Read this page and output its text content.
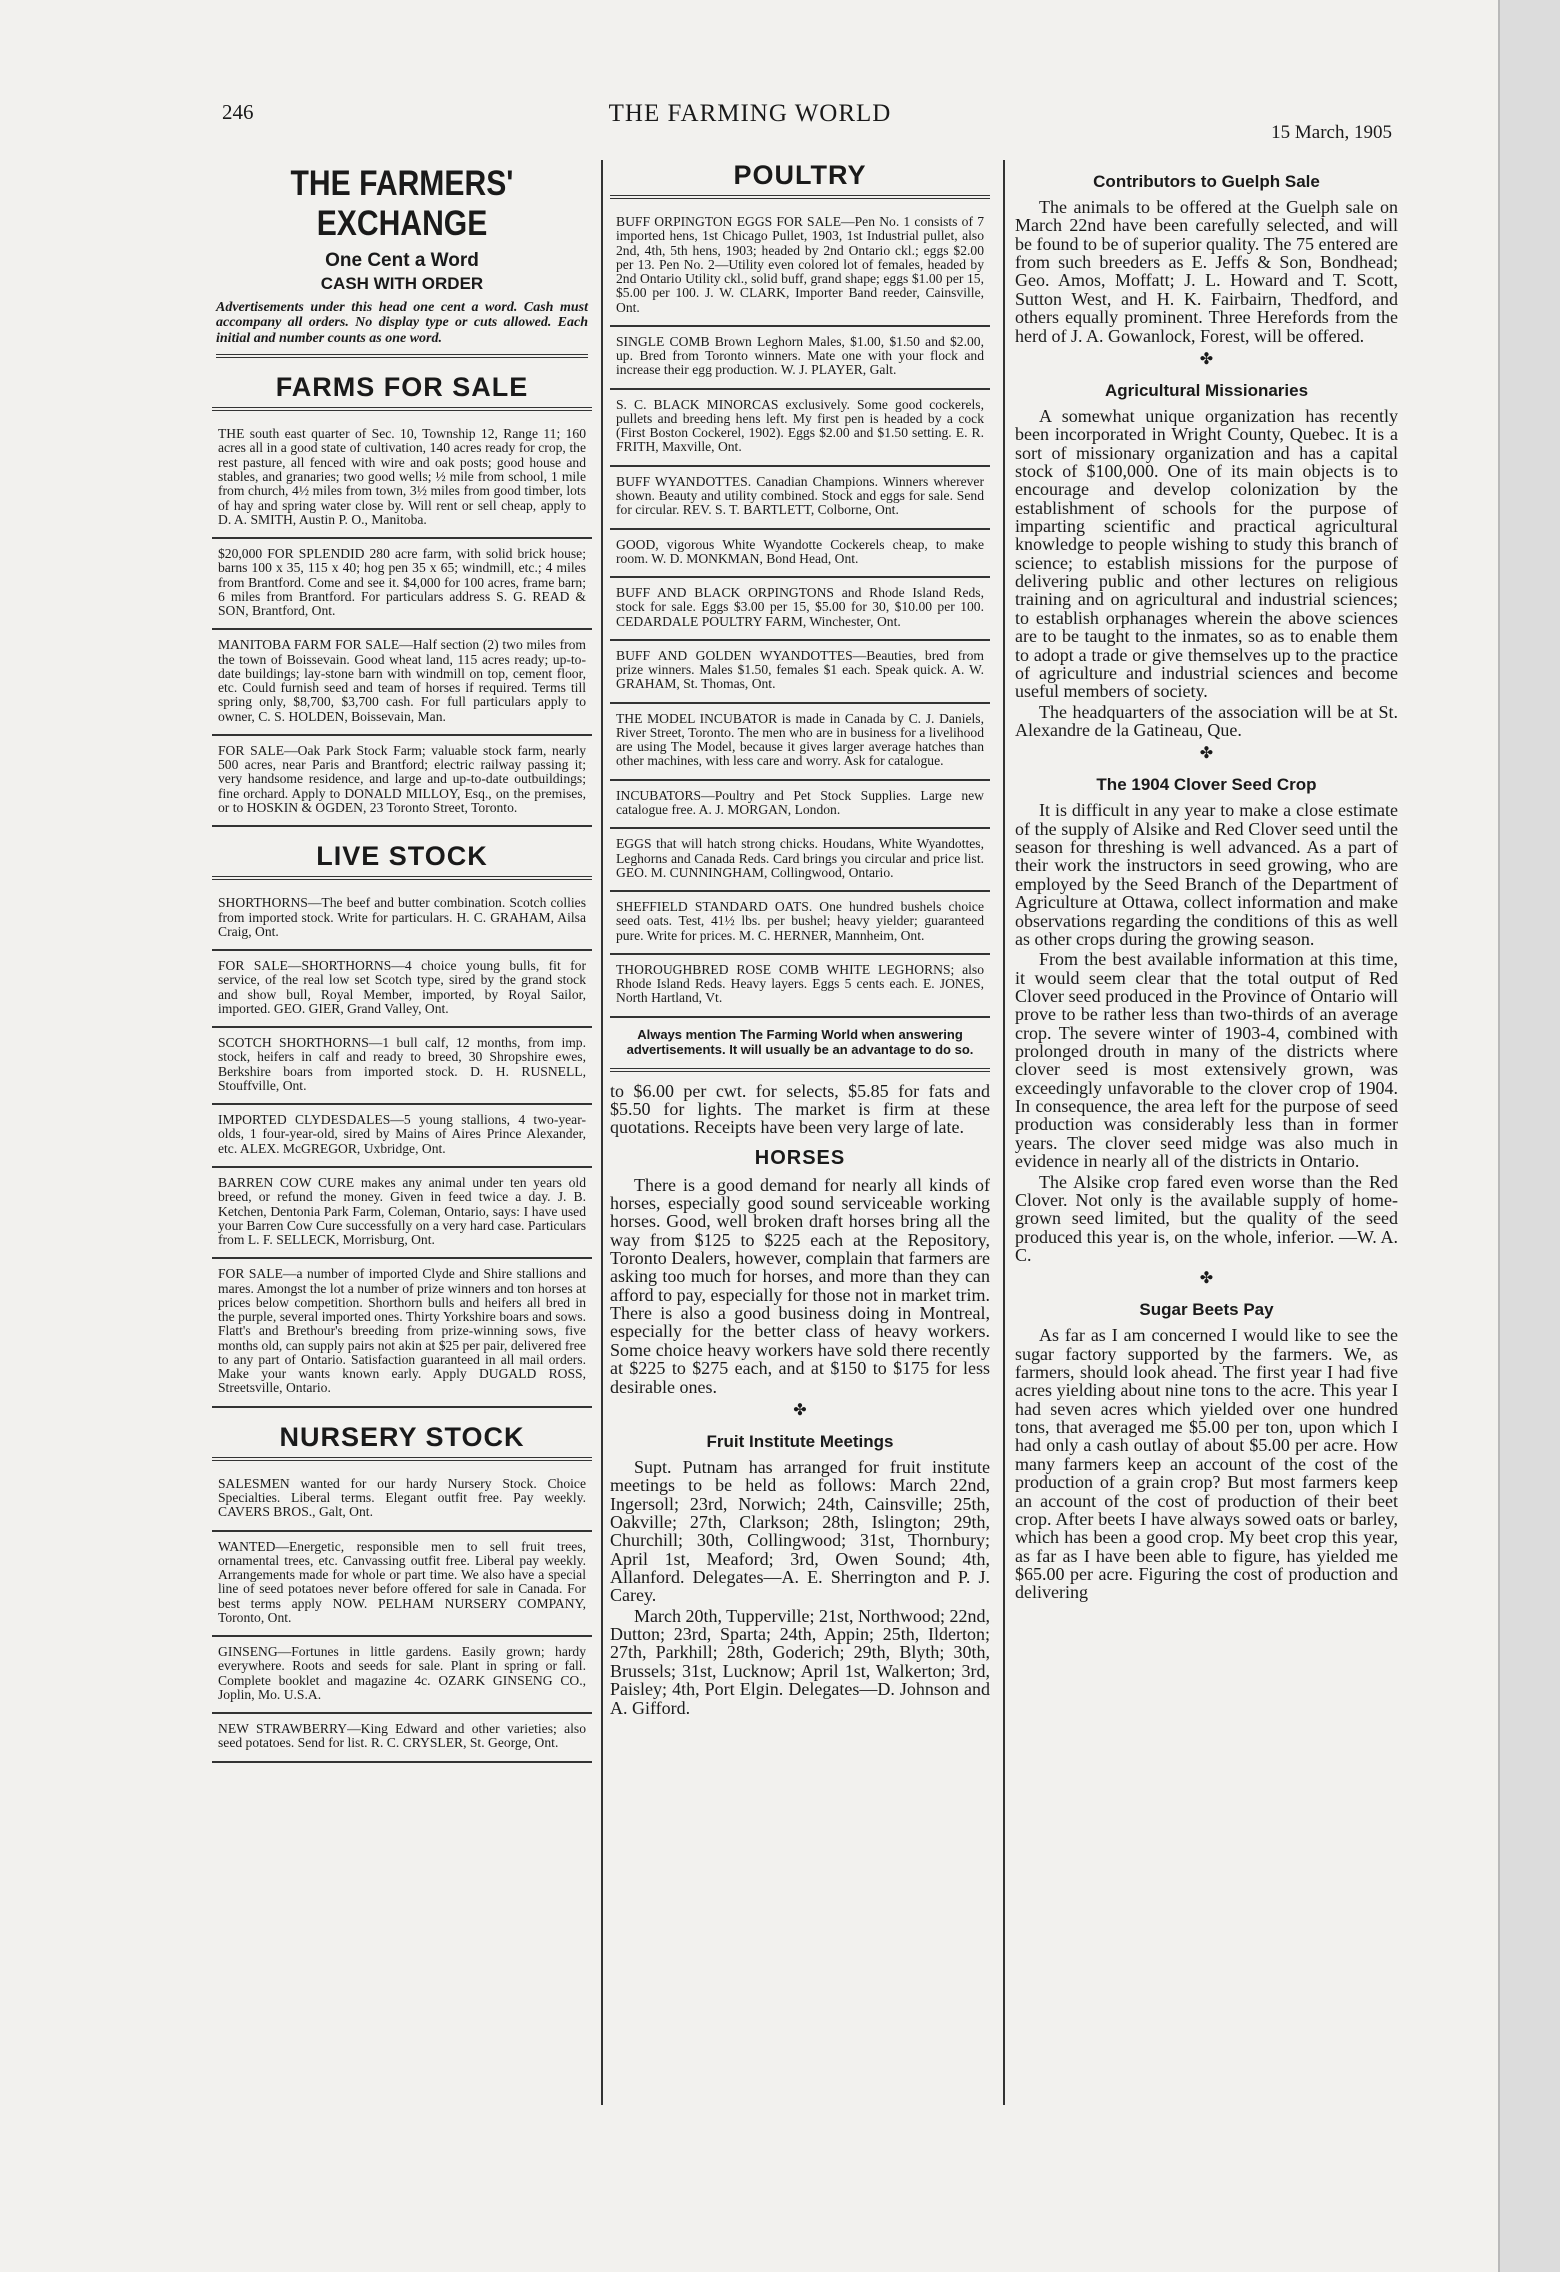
246	THE FARMING WORLD
15 March, 1905
THE FARMERS' EXCHANGE
One Cent a Word
CASH WITH ORDER

Advertisements under this head one cent a word. Cash must accompany all orders. No display type or cuts allowed. Each initial and number counts as one word.

FARMS FOR SALE

THE south east quarter of Sec. 10, Township 12, Range 11; 160 acres all in a good state of cultivation, 140 acres ready for crop, the rest pasture, all fenced with wire and oak posts; good house and stables, and granaries; two good wells; ½ mile from school, 1 mile from church, 4½ miles from town, 3½ miles from good timber, lots of hay and spring water close by. Will rent or sell cheap, apply to D. A. SMITH, Austin P. O., Manitoba.

$20,000 FOR SPLENDID 280 acre farm, with solid brick house; barns 100 x 35, 115 x 40; hog pen 35 x 65; windmill, etc.; 4 miles from Brantford. Come and see it. $4,000 for 100 acres, frame barn; 6 miles from Brantford. For particulars address S. G. READ & SON, Brantford, Ont.

MANITOBA FARM FOR SALE—Half section (2) two miles from the town of Boissevain. Good wheat land, 115 acres ready; up-to-date buildings; lay-stone barn with windmill on top, cement floor, etc. Could furnish seed and team of horses if required. Terms till spring only, $8,700, $3,700 cash. For full particulars apply to owner, C. S. HOLDEN, Boissevain, Man.

FOR SALE—Oak Park Stock Farm; valuable stock farm, nearly 500 acres, near Paris and Brantford; electric railway passing it; very handsome residence, and large and up-to-date outbuildings; fine orchard. Apply to DONALD MILLOY, Esq., on the premises, or to HOSKIN & OGDEN, 23 Toronto Street, Toronto.

LIVE STOCK

SHORTHORNS—The beef and butter combination. Scotch collies from imported stock. Write for particulars. H. C. GRAHAM, Ailsa Craig, Ont.

FOR SALE—SHORTHORNS—4 choice young bulls, fit for service, of the real low set Scotch type, sired by the grand stock and show bull, Royal Member, imported, by Royal Sailor, imported. GEO. GIER, Grand Valley, Ont.

SCOTCH SHORTHORNS—1 bull calf, 12 months, from imp. stock, heifers in calf and ready to breed, 30 Shropshire ewes, Berkshire boars from imported stock. D. H. RUSNELL, Stouffville, Ont.

IMPORTED CLYDESDALES—5 young stallions, 4 two-year-olds, 1 four-year-old, sired by Mains of Aires Prince Alexander, etc. ALEX. McGREGOR, Uxbridge, Ont.

BARREN COW CURE makes any animal under ten years old breed, or refund the money. Given in feed twice a day. J. B. Ketchen, Dentonia Park Farm, Coleman, Ontario, says: I have used your Barren Cow Cure successfully on a very hard case. Particulars from L. F. SELLECK, Morrisburg, Ont.

FOR SALE—a number of imported Clyde and Shire stallions and mares. Amongst the lot a number of prize winners and ton horses at prices below competition. Shorthorn bulls and heifers all bred in the purple, several imported ones. Thirty Yorkshire boars and sows. Flatt's and Brethour's breeding from prize-winning sows, five months old, can supply pairs not akin at $25 per pair, delivered free to any part of Ontario. Satisfaction guaranteed in all mail orders. Make your wants known early. Apply DUGALD ROSS, Streetsville, Ontario.

NURSERY STOCK

SALESMEN wanted for our hardy Nursery Stock. Choice Specialties. Liberal terms. Elegant outfit free. Pay weekly. CAVERS BROS., Galt, Ont.

WANTED—Energetic, responsible men to sell fruit trees, ornamental trees, etc. Canvassing outfit free. Liberal pay weekly. Arrangements made for whole or part time. We also have a special line of seed potatoes never before offered for sale in Canada. For best terms apply NOW. PELHAM NURSERY COMPANY, Toronto, Ont.

GINSENG—Fortunes in little gardens. Easily grown; hardy everywhere. Roots and seeds for sale. Plant in spring or fall. Complete booklet and magazine 4c. OZARK GINSENG CO., Joplin, Mo. U.S.A.

NEW STRAWBERRY—King Edward and other varieties; also seed potatoes. Send for list. R. C. CRYSLER, St. George, Ont.

POULTRY

BUFF ORPINGTON EGGS FOR SALE—Pen No. 1 consists of 7 imported hens, 1st Chicago Pullet, 1903, 1st Industrial pullet, also 2nd, 4th, 5th hens, 1903; headed by 2nd Ontario ckl.; eggs $2.00 per 13. Pen No. 2—Utility even colored lot of females, headed by 2nd Ontario Utility ckl., solid buff, grand shape; eggs $1.00 per 15, $5.00 per 100. J. W. CLARK, Importer Band reeder, Cainsville, Ont.

SINGLE COMB Brown Leghorn Males, $1.00, $1.50 and $2.00, up. Bred from Toronto winners. Mate one with your flock and increase their egg production. W. J. PLAYER, Galt.

S. C. BLACK MINORCAS exclusively. Some good cockerels, pullets and breeding hens left. My first pen is headed by a cock (First Boston Cockerel, 1902). Eggs $2.00 and $1.50 setting. E. R. FRITH, Maxville, Ont.

BUFF WYANDOTTES. Canadian Champions. Winners wherever shown. Beauty and utility combined. Stock and eggs for sale. Send for circular. REV. S. T. BARTLETT, Colborne, Ont.

GOOD, vigorous White Wyandotte Cockerels cheap, to make room. W. D. MONKMAN, Bond Head, Ont.

BUFF AND BLACK ORPINGTONS and Rhode Island Reds, stock for sale. Eggs $3.00 per 15, $5.00 for 30, $10.00 per 100. CEDARDALE POULTRY FARM, Winchester, Ont.

BUFF AND GOLDEN WYANDOTTES—Beauties, bred from prize winners. Males $1.50, females $1 each. Speak quick. A. W. GRAHAM, St. Thomas, Ont.

THE MODEL INCUBATOR is made in Canada by C. J. Daniels, River Street, Toronto. The men who are in business for a livelihood are using The Model, because it gives larger average hatches than other machines, with less care and worry. Ask for catalogue.

INCUBATORS—Poultry and Pet Stock Supplies. Large new catalogue free. A. J. MORGAN, London.

EGGS that will hatch strong chicks. Houdans, White Wyandottes, Leghorns and Canada Reds. Card brings you circular and price list. GEO. M. CUNNINGHAM, Collingwood, Ontario.

SHEFFIELD STANDARD OATS. One hundred bushels choice seed oats. Test, 41½ lbs. per bushel; heavy yielder; guaranteed pure. Write for prices. M. C. HERNER, Mannheim, Ont.

THOROUGHBRED ROSE COMB WHITE LEGHORNS; also Rhode Island Reds. Heavy layers. Eggs 5 cents each. E. JONES, North Hartland, Vt.

Always mention The Farming World when answering advertisements. It will usually be an advantage to do so.

to $6.00 per cwt. for selects, $5.85 for fats and $5.50 for lights. The market is firm at these quotations. Receipts have been very large of late.

HORSES

There is a good demand for nearly all kinds of horses, especially good sound serviceable working horses. Good, well broken draft horses bring all the way from $125 to $225 each at the Repository, Toronto Dealers, however, complain that farmers are asking too much for horses, and more than they can afford to pay, especially for those not in market trim. There is also a good business doing in Montreal, especially for the better class of heavy workers. Some choice heavy workers have sold there recently at $225 to $275 each, and at $150 to $175 for less desirable ones.

✤
Fruit Institute Meetings

Supt. Putnam has arranged for fruit institute meetings to be held as follows: March 22nd, Ingersoll; 23rd, Norwich; 24th, Cainsville; 25th, Oakville; 27th, Clarkson; 28th, Islington; 29th, Churchill; 30th, Collingwood; 31st, Thornbury; April 1st, Meaford; 3rd, Owen Sound; 4th, Allanford. Delegates—A. E. Sherrington and P. J. Carey.

March 20th, Tupperville; 21st, Northwood; 22nd, Dutton; 23rd, Sparta; 24th, Appin; 25th, Ilderton; 27th, Parkhill; 28th, Goderich; 29th, Blyth; 30th, Brussels; 31st, Lucknow; April 1st, Walkerton; 3rd, Paisley; 4th, Port Elgin. Delegates—D. Johnson and A. Gifford.

Contributors to Guelph Sale

The animals to be offered at the Guelph sale on March 22nd have been carefully selected, and will be found to be of superior quality. The 75 entered are from such breeders as E. Jeffs & Son, Bondhead; Geo. Amos, Moffatt; J. L. Howard and T. Scott, Sutton West, and H. K. Fairbairn, Thedford, and others equally prominent. Three Herefords from the herd of J. A. Gowanlock, Forest, will be offered.

✤
Agricultural Missionaries

A somewhat unique organization has recently been incorporated in Wright County, Quebec. It is a sort of missionary organization and has a capital stock of $100,000. One of its main objects is to encourage and develop colonization by the establishment of schools for the purpose of imparting scientific and practical agricultural knowledge to people wishing to study this branch of science; to establish missions for the purpose of delivering public and other lectures on religious training and on agricultural and industrial sciences; to establish orphanages wherein the above sciences are to be taught to the inmates, so as to enable them to adopt a trade or give themselves up to the practice of agriculture and industrial sciences and become useful members of society.

The headquarters of the association will be at St. Alexandre de la Gatineau, Que.

✤
The 1904 Clover Seed Crop

It is difficult in any year to make a close estimate of the supply of Alsike and Red Clover seed until the season for threshing is well advanced. As a part of their work the instructors in seed growing, who are employed by the Seed Branch of the Department of Agriculture at Ottawa, collect information and make observations regarding the conditions of this as well as other crops during the growing season.

From the best available information at this time, it would seem clear that the total output of Red Clover seed produced in the Province of Ontario will prove to be rather less than two-thirds of an average crop. The severe winter of 1903-4, combined with prolonged drouth in many of the districts where clover seed is most extensively grown, was exceedingly unfavorable to the clover crop of 1904. In consequence, the area left for the purpose of seed production was considerably less than in former years. The clover seed midge was also much in evidence in nearly all of the districts in Ontario.

The Alsike crop fared even worse than the Red Clover. Not only is the available supply of home-grown seed limited, but the quality of the seed produced this year is, on the whole, inferior. —W. A. C.

✤
Sugar Beets Pay

As far as I am concerned I would like to see the sugar factory supported by the farmers. We, as farmers, should look ahead. The first year I had five acres yielding about nine tons to the acre. This year I had seven acres which yielded over one hundred tons, that averaged me $5.00 per ton, upon which I had only a cash outlay of about $5.00 per acre. How many farmers keep an account of the cost of the production of a grain crop? But most farmers keep an account of the cost of production of their beet crop. After beets I have always sowed oats or barley, which has been a good crop. My beet crop this year, as far as I have been able to figure, has yielded me $65.00 per acre. Figuring the cost of production and delivering
